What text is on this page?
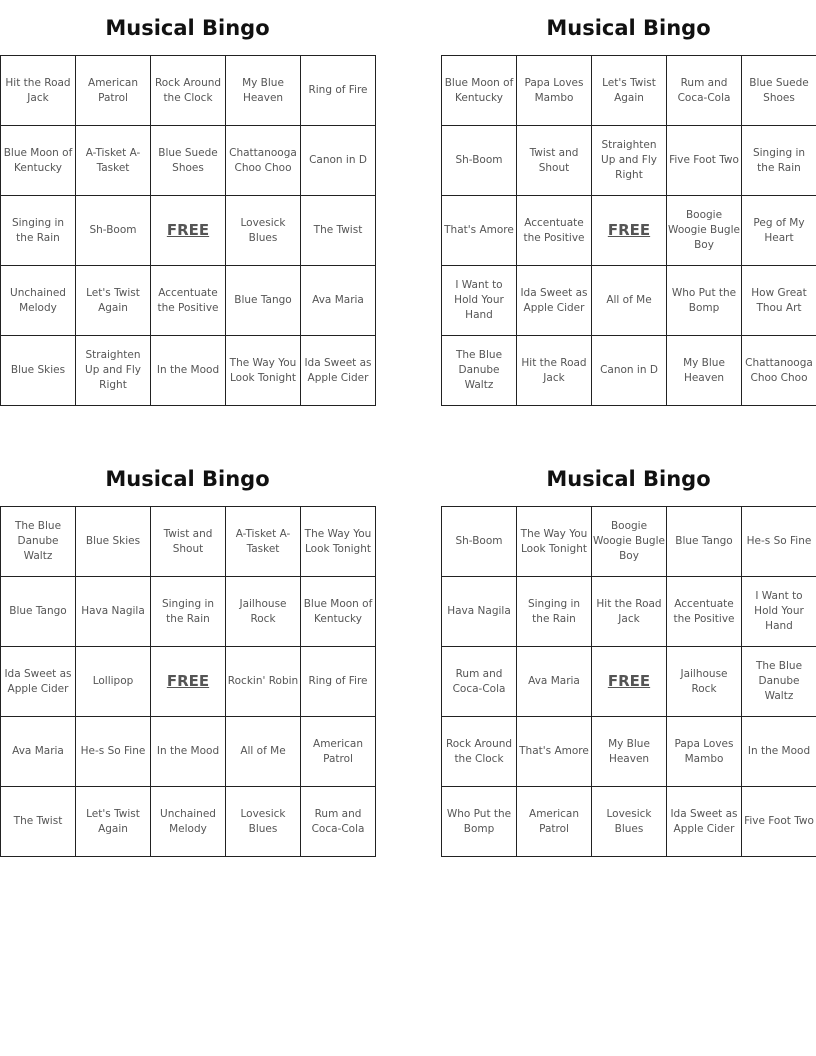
Musical Bingo
Hit the Road Jack	American Patrol	Rock Around the Clock	My Blue Heaven	Ring of Fire
Blue Moon of Kentucky	A-Tisket A-Tasket	Blue Suede Shoes	Chattanooga Choo Choo	Canon in D
Singing in the Rain	Sh-Boom	FREE	Lovesick Blues	The Twist
Unchained Melody	Let's Twist Again	Accentuate the Positive	Blue Tango	Ava Maria
Blue Skies	Straighten Up and Fly Right	In the Mood	The Way You Look Tonight	Ida Sweet as Apple Cider
Musical Bingo
Blue Moon of Kentucky	Papa Loves Mambo	Let's Twist Again	Rum and Coca-Cola	Blue Suede Shoes
Sh-Boom	Twist and Shout	Straighten Up and Fly Right	Five Foot Two	Singing in the Rain
That's Amore	Accentuate the Positive	FREE	Boogie Woogie Bugle Boy	Peg of My Heart
I Want to Hold Your Hand	Ida Sweet as Apple Cider	All of Me	Who Put the Bomp	How Great Thou Art
The Blue Danube Waltz	Hit the Road Jack	Canon in D	My Blue Heaven	Chattanooga Choo Choo
Musical Bingo
The Blue Danube Waltz	Blue Skies	Twist and Shout	A-Tisket A-Tasket	The Way You Look Tonight
Blue Tango	Hava Nagila	Singing in the Rain	Jailhouse Rock	Blue Moon of Kentucky
Ida Sweet as Apple Cider	Lollipop	FREE	Rockin' Robin	Ring of Fire
Ava Maria	He-s So Fine	In the Mood	All of Me	American Patrol
The Twist	Let's Twist Again	Unchained Melody	Lovesick Blues	Rum and Coca-Cola
Musical Bingo
Sh-Boom	The Way You Look Tonight	Boogie Woogie Bugle Boy	Blue Tango	He-s So Fine
Hava Nagila	Singing in the Rain	Hit the Road Jack	Accentuate the Positive	I Want to Hold Your Hand
Rum and Coca-Cola	Ava Maria	FREE	Jailhouse Rock	The Blue Danube Waltz
Rock Around the Clock	That's Amore	My Blue Heaven	Papa Loves Mambo	In the Mood
Who Put the Bomp	American Patrol	Lovesick Blues	Ida Sweet as Apple Cider	Five Foot Two
